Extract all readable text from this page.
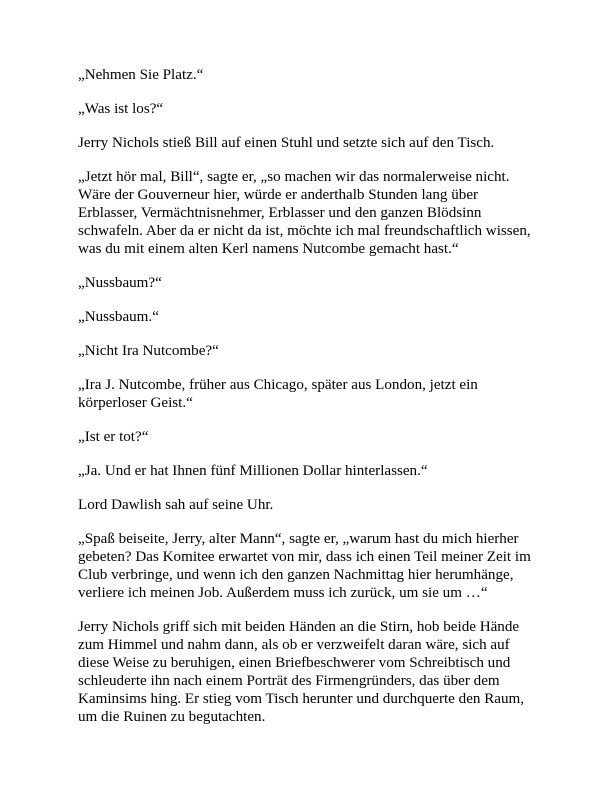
„Nehmen Sie Platz.“

„Was ist los?“

Jerry Nichols stieß Bill auf einen Stuhl und setzte sich auf den Tisch.

„Jetzt hör mal, Bill“, sagte er, „so machen wir das normalerweise nicht. Wäre der Gouverneur hier, würde er anderthalb Stunden lang über Erblasser, Vermächtnisnehmer, Erblasser und den ganzen Blödsinn schwafeln. Aber da er nicht da ist, möchte ich mal freundschaftlich wissen, was du mit einem alten Kerl namens Nutcombe gemacht hast.“

„Nussbaum?“

„Nussbaum.“

„Nicht Ira Nutcombe?“

„Ira J. Nutcombe, früher aus Chicago, später aus London, jetzt ein körperloser Geist.“

„Ist er tot?“

„Ja. Und er hat Ihnen fünf Millionen Dollar hinterlassen.“

Lord Dawlish sah auf seine Uhr.

„Spaß beiseite, Jerry, alter Mann“, sagte er, „warum hast du mich hierher gebeten? Das Komitee erwartet von mir, dass ich einen Teil meiner Zeit im Club verbringe, und wenn ich den ganzen Nachmittag hier herumhänge, verliere ich meinen Job. Außerdem muss ich zurück, um sie um …“

Jerry Nichols griff sich mit beiden Händen an die Stirn, hob beide Hände zum Himmel und nahm dann, als ob er verzweifelt daran wäre, sich auf diese Weise zu beruhigen, einen Briefbeschwerer vom Schreibtisch und schleuderte ihn nach einem Porträt des Firmengründers, das über dem Kaminsims hing. Er stieg vom Tisch herunter und durchquerte den Raum, um die Ruinen zu begutachten.
